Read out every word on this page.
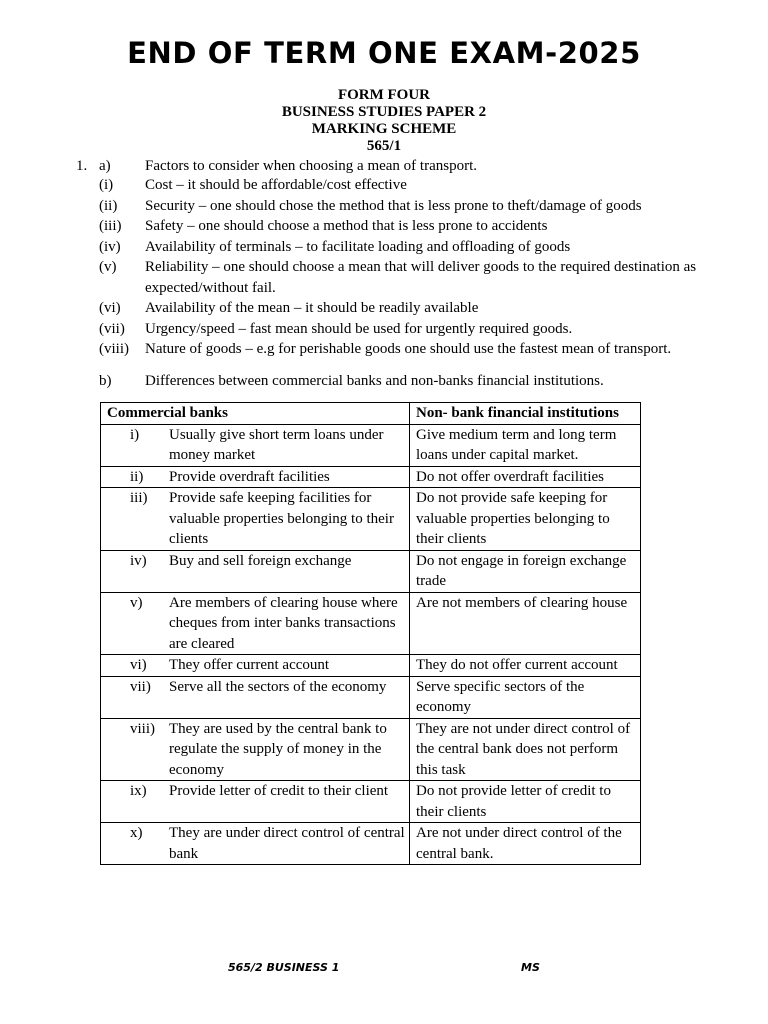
END OF TERM ONE EXAM-2025
FORM FOUR
BUSINESS STUDIES PAPER 2
MARKING SCHEME
565/1
1. a) Factors to consider when choosing a mean of transport.
(i) Cost – it should be affordable/cost effective
(ii) Security – one should chose the method that is less prone to theft/damage of goods
(iii) Safety – one should choose a method that is less prone to accidents
(iv) Availability of terminals – to facilitate loading and offloading of goods
(v) Reliability – one should choose a mean that will deliver goods to the required destination as expected/without fail.
(vi) Availability of the mean – it should be readily available
(vii) Urgency/speed – fast mean should be used for urgently required goods.
(viii) Nature of goods – e.g for perishable goods one should use the fastest mean of transport.
b) Differences between commercial banks and non-banks financial institutions.
Commercial banks	Non- bank financial institutions

i) Usually give short term loans under money market	Give medium term and long term loans under capital market.

ii) Provide overdraft facilities	Do not offer overdraft facilities

iii) Provide safe keeping facilities for valuable properties belonging to their clients	Do not provide safe keeping for valuable properties belonging to their clients

iv) Buy and sell foreign exchange	Do not engage in foreign exchange trade

v) Are members of clearing house where cheques from inter banks transactions are cleared	Are not members of clearing house

vi) They offer current account	They do not offer current account

vii) Serve all the sectors of the economy	Serve specific sectors of the economy

viii) They are used by the central bank to regulate the supply of money in the economy	They are not under direct control of the central bank does not perform this task

ix) Provide letter of credit to their client	Do not provide letter of credit to their clients

x) They are under direct control of central bank	Are not under direct control of the central bank.
565/2 BUSINESS 1	MS
